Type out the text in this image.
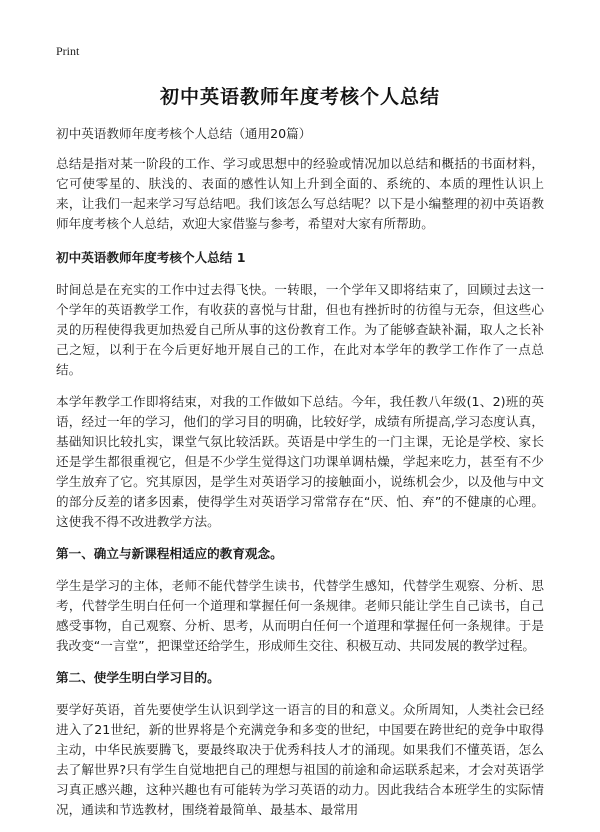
Print
初中英语教师年度考核个人总结

初中英语教师年度考核个人总结（通用20篇）

总结是指对某一阶段的工作、学习或思想中的经验或情况加以总结和概括的书面材料，它可使零星的、肤浅的、表面的感性认知上升到全面的、系统的、本质的理性认识上来，让我们一起来学习写总结吧。我们该怎么写总结呢？以下是小编整理的初中英语教师年度考核个人总结，欢迎大家借鉴与参考，希望对大家有所帮助。

初中英语教师年度考核个人总结 1

时间总是在充实的工作中过去得飞快。一转眼，一个学年又即将结束了，回顾过去这一个学年的英语教学工作，有收获的喜悦与甘甜，但也有挫折时的彷徨与无奈，但这些心灵的历程使得我更加热爱自己所从事的这份教育工作。为了能够查缺补漏，取人之长补己之短，以利于在今后更好地开展自己的工作，在此对本学年的教学工作作了一点总结。

本学年教学工作即将结束，对我的工作做如下总结。今年，我任教八年级(1、2)班的英语，经过一年的学习，他们的学习目的明确，比较好学，成绩有所提高,学习态度认真，基础知识比较扎实，课堂气氛比较活跃。英语是中学生的一门主课，无论是学校、家长还是学生都很重视它，但是不少学生觉得这门功课单调枯燥，学起来吃力，甚至有不少学生放弃了它。究其原因，是学生对英语学习的接触面小，说练机会少，以及他与中文的部分反差的诸多因素，使得学生对英语学习常常存在“厌、怕、弃”的不健康的心理。这使我不得不改进教学方法。

第一、确立与新课程相适应的教育观念。

学生是学习的主体，老师不能代替学生读书，代替学生感知，代替学生观察、分析、思考，代替学生明白任何一个道理和掌握任何一条规律。老师只能让学生自己读书，自己感受事物，自己观察、分析、思考，从而明白任何一个道理和掌握任何一条规律。于是我改变“一言堂”，把课堂还给学生，形成师生交往、积极互动、共同发展的教学过程。

第二、使学生明白学习目的。

要学好英语，首先要使学生认识到学这一语言的目的和意义。众所周知，人类社会已经进入了21世纪，新的世界将是个充满竞争和多变的世纪，中国要在跨世纪的竞争中取得主动，中华民族要腾飞，要最终取决于优秀科技人才的涌现。如果我们不懂英语，怎么去了解世界?只有学生自觉地把自己的理想与祖国的前途和命运联系起来，才会对英语学习真正感兴趣，这种兴趣也有可能转为学习英语的动力。因此我结合本班学生的实际情况，通读和节选教材，围绕着最简单、最基本、最常用
